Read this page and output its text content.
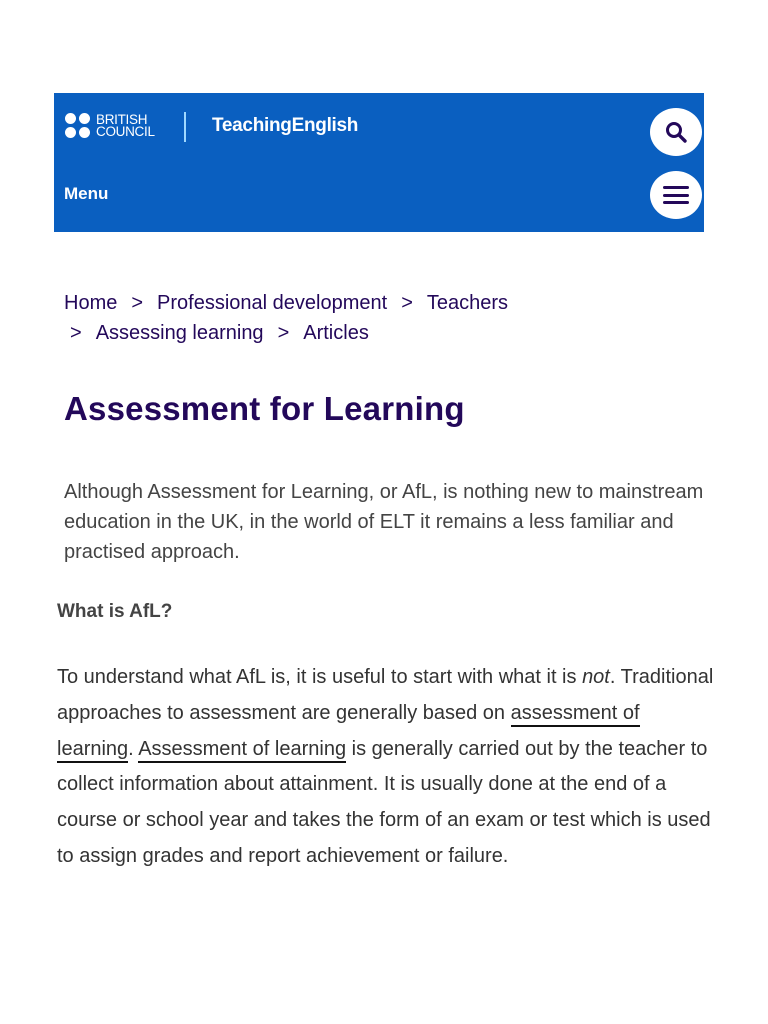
BRITISH
COUNCIL	TeachingEnglish
Menu
Home > Professional development > Teachers
> Assessing learning > Articles
Assessment for Learning

Although Assessment for Learning, or AfL, is nothing new to mainstream education in the UK, in the world of ELT it remains a less familiar and practised approach.

What is AfL?

To understand what AfL is, it is useful to start with what it is not. Traditional approaches to assessment are generally based on assessment of learning. Assessment of learning is generally carried out by the teacher to collect information about attainment. It is usually done at the end of a course or school year and takes the form of an exam or test which is used to assign grades and report achievement or failure.
